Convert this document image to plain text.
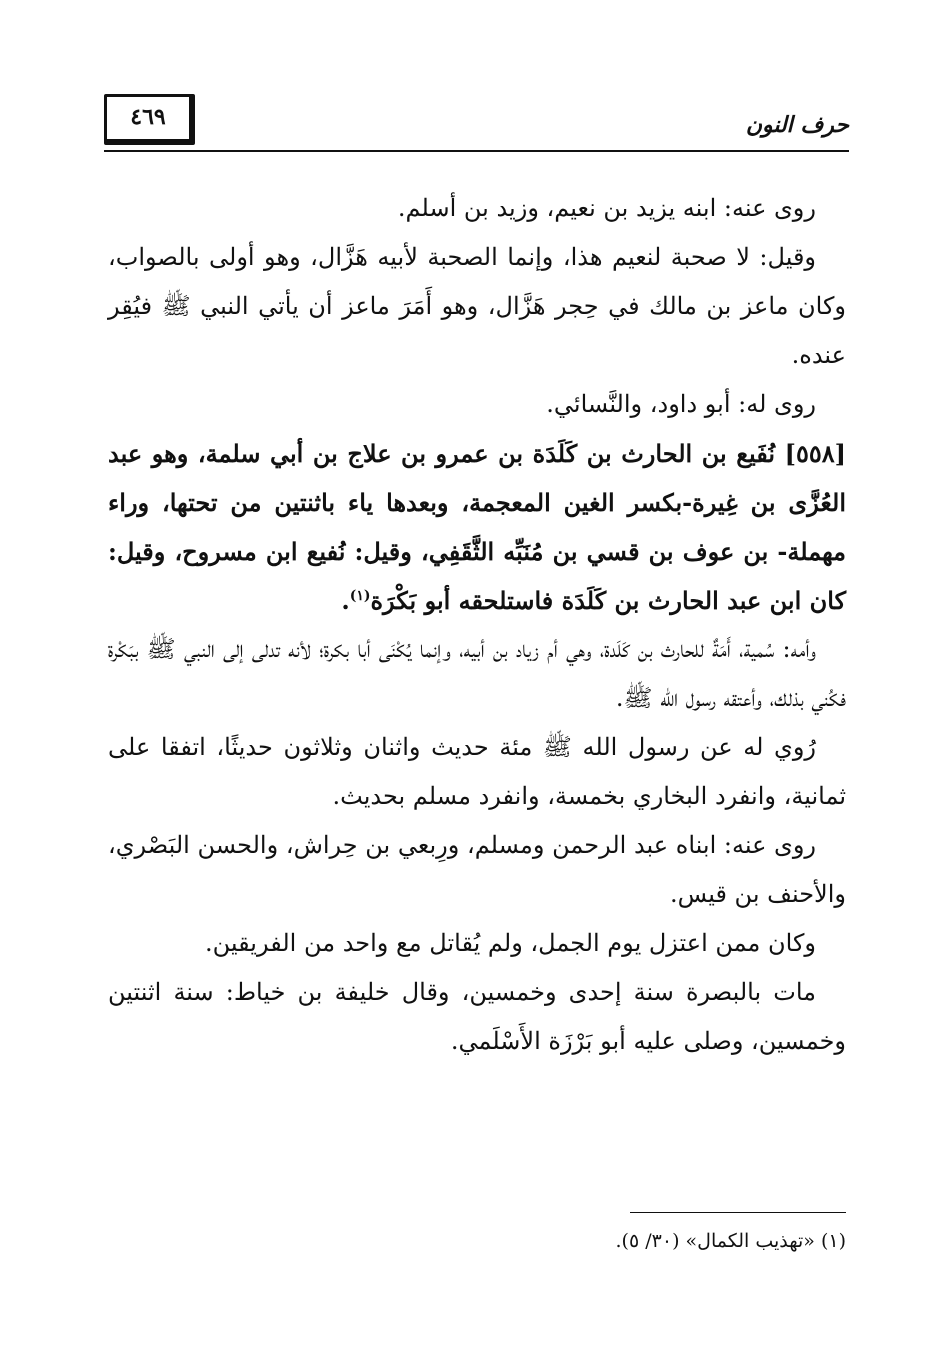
٤٦٩	حرف النون

روى عنه: ابنه يزيد بن نعيم، وزيد بن أسلم.

وقيل: لا صحبة لنعيم هذا، وإنما الصحبة لأبيه هَزَّال، وهو أولى بالصواب، وكان ماعز بن مالك في حِجر هَزَّال، وهو أَمَرَ ماعز أن يأتي النبي ﷺ فيُقِر عنده.

روى له: أبو داود، والنَّسائي.

[٥٥٨] نُفَيع بن الحارث بن كَلَدَة بن عمرو بن علاج بن أبي سلمة، وهو عبد العُزَّى بن غِيرة-بكسر الغين المعجمة، وبعدها ياء باثنتين من تحتها، وراء مهملة- بن عوف بن قسي بن مُنَبِّه الثَّقَفِي، وقيل: نُفيع ابن مسروح، وقيل: كان ابن عبد الحارث بن كَلَدَة فاستلحقه أبو بَكْرَة$^{(١)}$.

وأمه: سُمية، أَمَةٌ للحارث بن كَلَدة، وهي أم زياد بن أبيه، وإنما يُكْنَى أبا بكرة؛ لأنه تدلى إلى النبي ﷺ ببَكْرة فكُني بذلك، وأعتقه رسول الله ﷺ.

رُوي له عن رسول الله ﷺ مئة حديث واثنان وثلاثون حديثًا، اتفقا على ثمانية، وانفرد البخاري بخمسة، وانفرد مسلم بحديث.

روى عنه: ابناه عبد الرحمن ومسلم، ورِبعي بن حِراش، والحسن البَصْري، والأحنف بن قيس.

وكان ممن اعتزل يوم الجمل، ولم يُقاتل مع واحد من الفريقين.

مات بالبصرة سنة إحدى وخمسين، وقال خليفة بن خياط: سنة اثنتين وخمسين، وصلى عليه أبو بَرْزَة الأَسْلَمي.

(١) «تهذيب الكمال» (٣٠/ ٥).
